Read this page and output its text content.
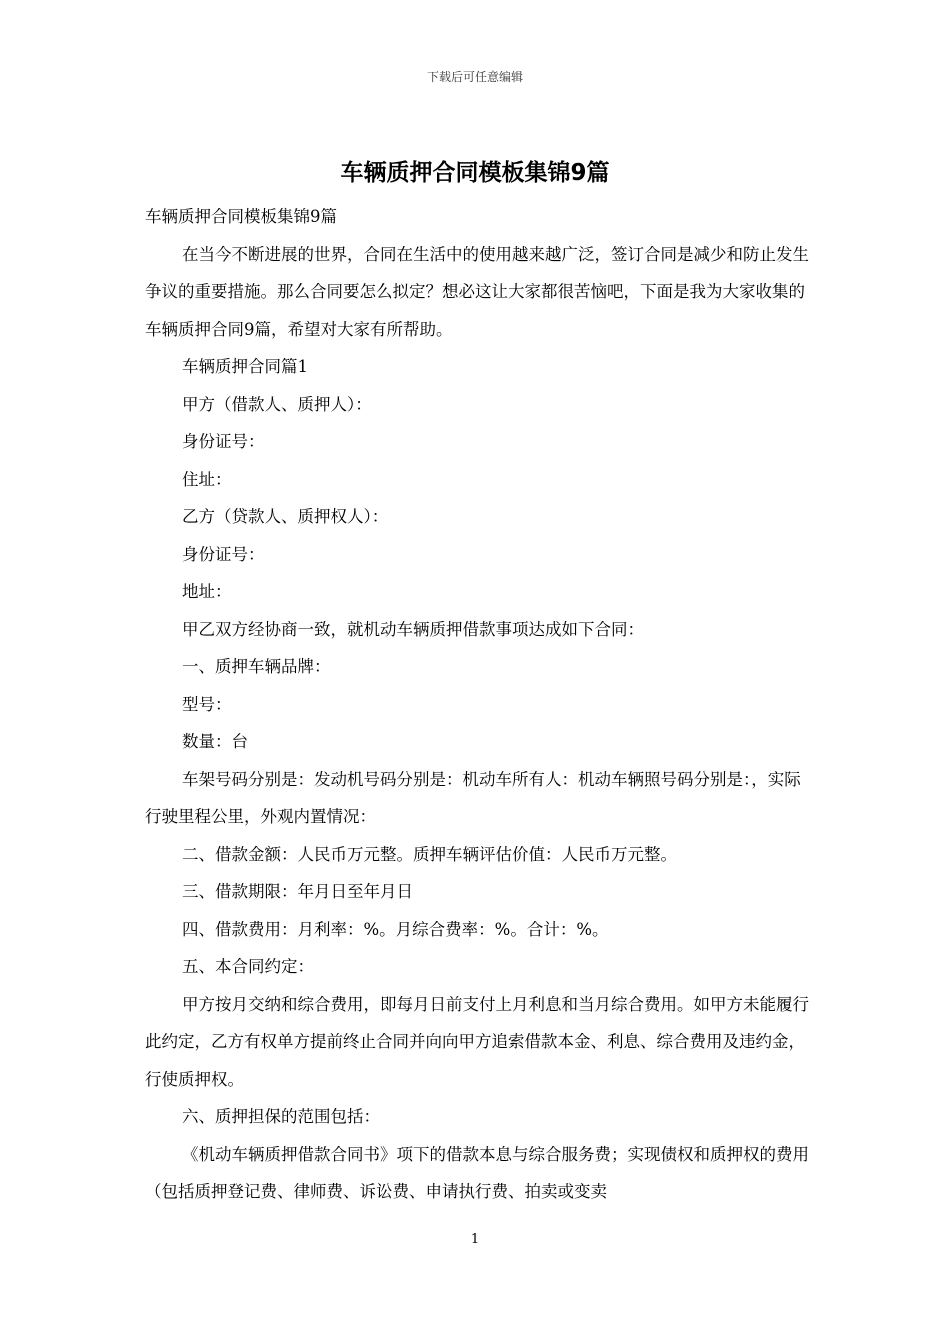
下载后可任意编辑
车辆质押合同模板集锦9篇

车辆质押合同模板集锦9篇

在当今不断进展的世界，合同在生活中的使用越来越广泛，签订合同是减少和防止发生争议的重要措施。那么合同要怎么拟定？想必这让大家都很苦恼吧，下面是我为大家收集的车辆质押合同9篇，希望对大家有所帮助。

车辆质押合同篇1

甲方（借款人、质押人）：

身份证号：

住址：

乙方（贷款人、质押权人）：

身份证号：

地址：

甲乙双方经协商一致，就机动车辆质押借款事项达成如下合同：

一、质押车辆品牌：

型号：

数量：台

车架号码分别是：发动机号码分别是：机动车所有人：机动车辆照号码分别是：，实际行驶里程公里，外观内置情况：

二、借款金额：人民币万元整。质押车辆评估价值：人民币万元整。

三、借款期限：年月日至年月日

四、借款费用：月利率：%。月综合费率：%。合计：%。

五、本合同约定：

甲方按月交纳和综合费用，即每月日前支付上月利息和当月综合费用。如甲方未能履行此约定，乙方有权单方提前终止合同并向向甲方追索借款本金、利息、综合费用及违约金，行使质押权。

六、质押担保的范围包括：

《机动车辆质押借款合同书》项下的借款本息与综合服务费；实现债权和质押权的费用（包括质押登记费、律师费、诉讼费、申请执行费、拍卖或变卖

1
